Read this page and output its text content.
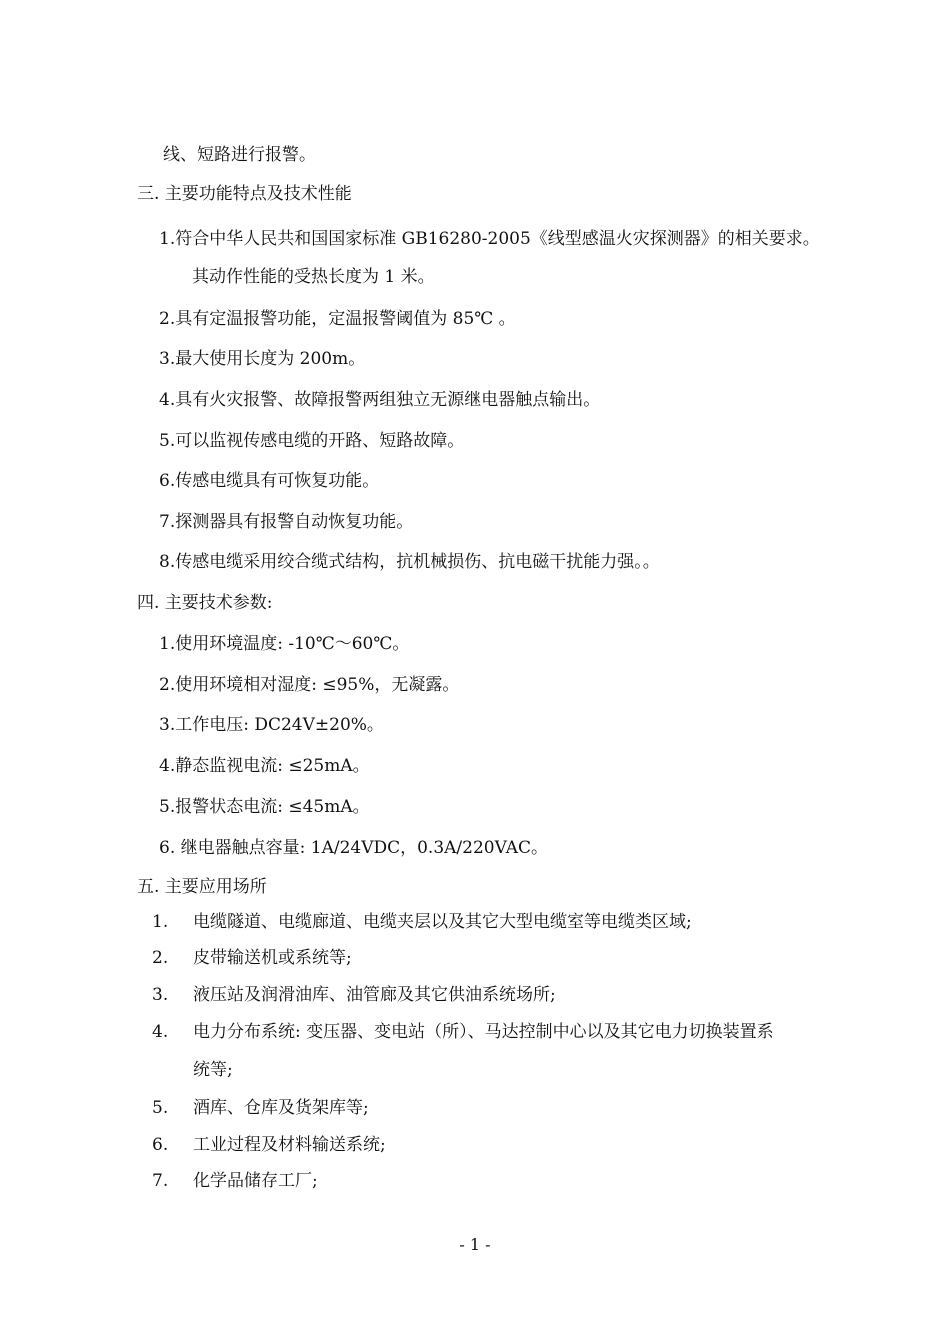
线、短路进行报警。
三. 主要功能特点及技术性能
1.符合中华人民共和国国家标准 GB16280-2005《线型感温火灾探测器》的相关要求。
其动作性能的受热长度为 1 米。
2.具有定温报警功能，定温报警阈值为 85℃ 。
3.最大使用长度为 200m。
4.具有火灾报警、故障报警两组独立无源继电器触点输出。
5.可以监视传感电缆的开路、短路故障。
6.传感电缆具有可恢复功能。
7.探测器具有报警自动恢复功能。
8.传感电缆采用绞合缆式结构，抗机械损伤、抗电磁干扰能力强。。
四. 主要技术参数:
1.使用环境温度: -10℃～60℃。
2.使用环境相对湿度: ≤95%，无凝露。
3.工作电压: DC24V±20%。
4.静态监视电流: ≤25mA。
5.报警状态电流: ≤45mA。
6. 继电器触点容量: 1A/24VDC，0.3A/220VAC。
五. 主要应用场所
1. 电缆隧道、电缆廊道、电缆夹层以及其它大型电缆室等电缆类区域;
2. 皮带输送机或系统等;
3. 液压站及润滑油库、油管廊及其它供油系统场所;
4. 电力分布系统: 变压器、变电站（所）、马达控制中心以及其它电力切换装置系
统等;
5. 酒库、仓库及货架库等;
6. 工业过程及材料输送系统;
7. 化学品储存工厂;
- 1 -
